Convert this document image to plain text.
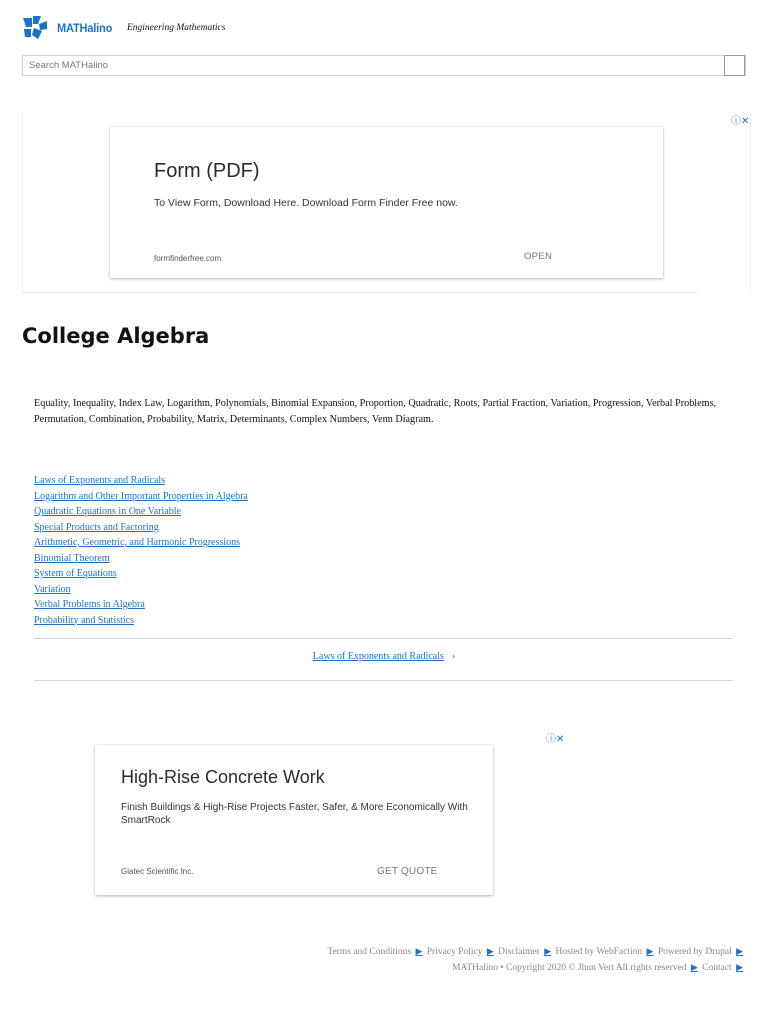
MATHalino Engineering Mathematics
Search MATHalino
ⓘ✕
Form (PDF)
To View Form, Download Here. Download Form Finder Free now.
formfinderfree.com	OPEN
College Algebra
Equality, Inequality, Index Law, Logarithm, Polynomials, Binomial Expansion, Proportion, Quadratic, Roots, Partial Fraction, Variation, Progression, Verbal Problems, Permutation, Combination, Probability, Matrix, Determinants, Complex Numbers, Venn Diagram.
Laws of Exponents and Radicals
Logarithm and Other Important Properties in Algebra
Quadratic Equations in One Variable
Special Products and Factoring
Arithmetic, Geometric, and Harmonic Progressions
Binomial Theorem
System of Equations
Variation
Verbal Problems in Algebra
Probability and Statistics
Laws of Exponents and Radicals ›
ⓘ✕
High-Rise Concrete Work
Finish Buildings & High-Rise Projects Faster, Safer, & More Economically With SmartRock
Giatec Scientific Inc.	GET QUOTE
Terms and Conditions ▶ Privacy Policy ▶ Disclaimer ▶ Hosted by WebFaction ▶ Powered by Drupal ▶
MATHalino • Copyright 2020 © Jhun Vert All rights reserved ▶ Contact ▶
